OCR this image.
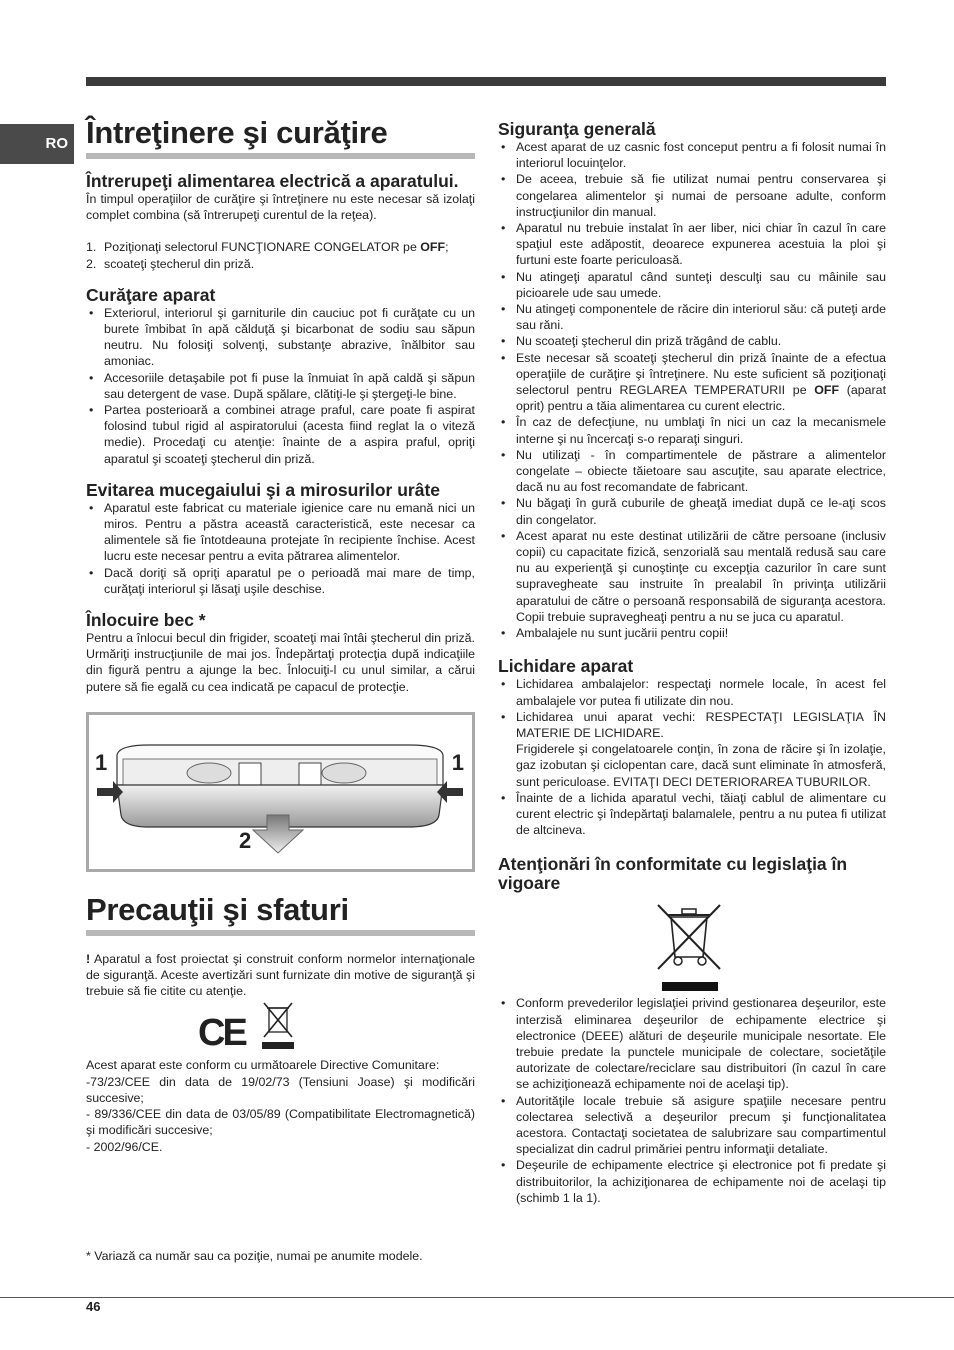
RO Întreţinere şi curăţire
Întrerupeţi alimentarea electrică a aparatului.

În timpul operaţiilor de curăţire şi întreţinere nu este necesar să izolaţi complet combina (să întrerupeţi curentul de la reţea).

1. Poziţionaţi selectorul FUNCŢIONARE CONGELATOR pe OFF;
2. scoateţi ştecherul din priză.
Curăţare aparat
• Exteriorul, interiorul şi garniturile din cauciuc pot fi curăţate cu un burete îmbibat în apă călduţă şi bicarbonat de sodiu sau săpun neutru. Nu folosiţi solvenţi, substanţe abrazive, înălbitor sau amoniac.
• Accesoriile detaşabile pot fi puse la înmuiat în apă caldă şi săpun sau detergent de vase. După spălare, clătiţi-le şi ştergeţi-le bine.
• Partea posterioară a combinei atrage praful, care poate fi aspirat folosind tubul rigid al aspiratorului (acesta fiind reglat la o viteză medie). Procedaţi cu atenţie: înainte de a aspira praful, opriţi aparatul şi scoateţi ştecherul din priză.
Evitarea mucegaiului şi a mirosurilor urâte
• Aparatul este fabricat cu materiale igienice care nu emană nici un miros. Pentru a păstra această caracteristică, este necesar ca alimentele să fie întotdeauna protejate în recipiente închise. Acest lucru este necesar pentru a evita pătrarea alimentelor.
• Dacă doriţi să opriţi aparatul pe o perioadă mai mare de timp, curăţaţi interiorul şi lăsaţi uşile deschise.
Înlocuire bec *

Pentru a înlocui becul din frigider, scoateţi mai întâi ştecherul din priză. Urmăriţi instrucţiunile de mai jos. Îndepărtaţi protecţia după indicaţiile din figură pentru a ajunge la bec. Înlocuiţi-l cu unul similar, a cărui putere să fie egală cu cea indicată pe capacul de protecţie.

1	1
2
Precauţii şi sfaturi

! Aparatul a fost proiectat şi construit conform normelor internaţionale de siguranţă. Aceste avertizări sunt furnizate din motive de siguranţă şi trebuie să fie citite cu atenţie.

CE

Acest aparat este conform cu următoarele Directive Comunitare:

-73/23/CEE din data de 19/02/73 (Tensiuni Joase) şi modificări succesive;

- 89/336/CEE din data de 03/05/89 (Compatibilitate Electromagnetică) şi modificări succesive;

- 2002/96/CE.

* Variază ca număr sau ca poziţie, numai pe anumite modele.
Siguranţa generală
• Acest aparat de uz casnic fost conceput pentru a fi folosit numai în interiorul locuinţelor.
• De aceea, trebuie să fie utilizat numai pentru conservarea şi congelarea alimentelor şi numai de persoane adulte, conform instrucţiunilor din manual.
• Aparatul nu trebuie instalat în aer liber, nici chiar în cazul în care spaţiul este adăpostit, deoarece expunerea acestuia la ploi şi furtuni este foarte periculoasă.
• Nu atingeţi aparatul când sunteţi desculţi sau cu mâinile sau picioarele ude sau umede.
• Nu atingeţi componentele de răcire din interiorul său: că puteţi arde sau răni.
• Nu scoateţi ştecherul din priză trăgând de cablu.
• Este necesar să scoateţi ştecherul din priză înainte de a efectua operaţiile de curăţire şi întreţinere. Nu este suficient să poziţionaţi selectorul pentru REGLAREA TEMPERATURII pe OFF (aparat oprit) pentru a tăia alimentarea cu curent electric.
• În caz de defecţiune, nu umblaţi în nici un caz la mecanismele interne şi nu încercaţi s-o reparaţi singuri.
• Nu utilizaţi - în compartimentele de păstrare a alimentelor congelate – obiecte tăietoare sau ascuţite, sau aparate electrice, dacă nu au fost recomandate de fabricant.
• Nu băgaţi în gură cuburile de gheaţă imediat după ce le-aţi scos din congelator.
• Acest aparat nu este destinat utilizării de către persoane (inclusiv copii) cu capacitate fizică, senzorială sau mentală redusă sau care nu au experienţă şi cunoştinţe cu excepţia cazurilor în care sunt supravegheate sau instruite în prealabil în privinţa utilizării aparatului de către o persoană responsabilă de siguranţa acestora. Copii trebuie supravegheaţi pentru a nu se juca cu aparatul.
• Ambalajele nu sunt jucării pentru copii!
Lichidare aparat
• Lichidarea ambalajelor: respectaţi normele locale, în acest fel ambalajele vor putea fi utilizate din nou.
• Lichidarea unui aparat vechi: RESPECTAŢI LEGISLAŢIA ÎN MATERIE DE LICHIDARE.
Frigiderele şi congelatoarele conţin, în zona de răcire şi în izolaţie, gaz izobutan şi ciclopentan care, dacă sunt eliminate în atmosferă, sunt periculoase. EVITAŢI DECI DETERIORAREA TUBURILOR.
• Înainte de a lichida aparatul vechi, tăiaţi cablul de alimentare cu curent electric şi îndepărtaţi balamalele, pentru a nu putea fi utilizat de altcineva.
Atenţionări în conformitate cu legislaţia în vigoare
• Conform prevederilor legislaţiei privind gestionarea deşeurilor, este interzisă eliminarea deşeurilor de echipamente electrice şi electronice (DEEE) alături de deşeurile municipale nesortate. Ele trebuie predate la punctele municipale de colectare, societăţile autorizate de colectare/reciclare sau distribuitori (în cazul în care se achiziţionează echipamente noi de acelaşi tip).
• Autorităţile locale trebuie să asigure spaţiile necesare pentru colectarea selectivă a deşeurilor precum şi funcţionalitatea acestora. Contactaţi societatea de salubrizare sau compartimentul specializat din cadrul primăriei pentru informaţii detaliate.
• Deşeurile de echipamente electrice şi electronice pot fi predate şi distribuitorilor, la achiziţionarea de echipamente noi de acelaşi tip (schimb 1 la 1).
46
